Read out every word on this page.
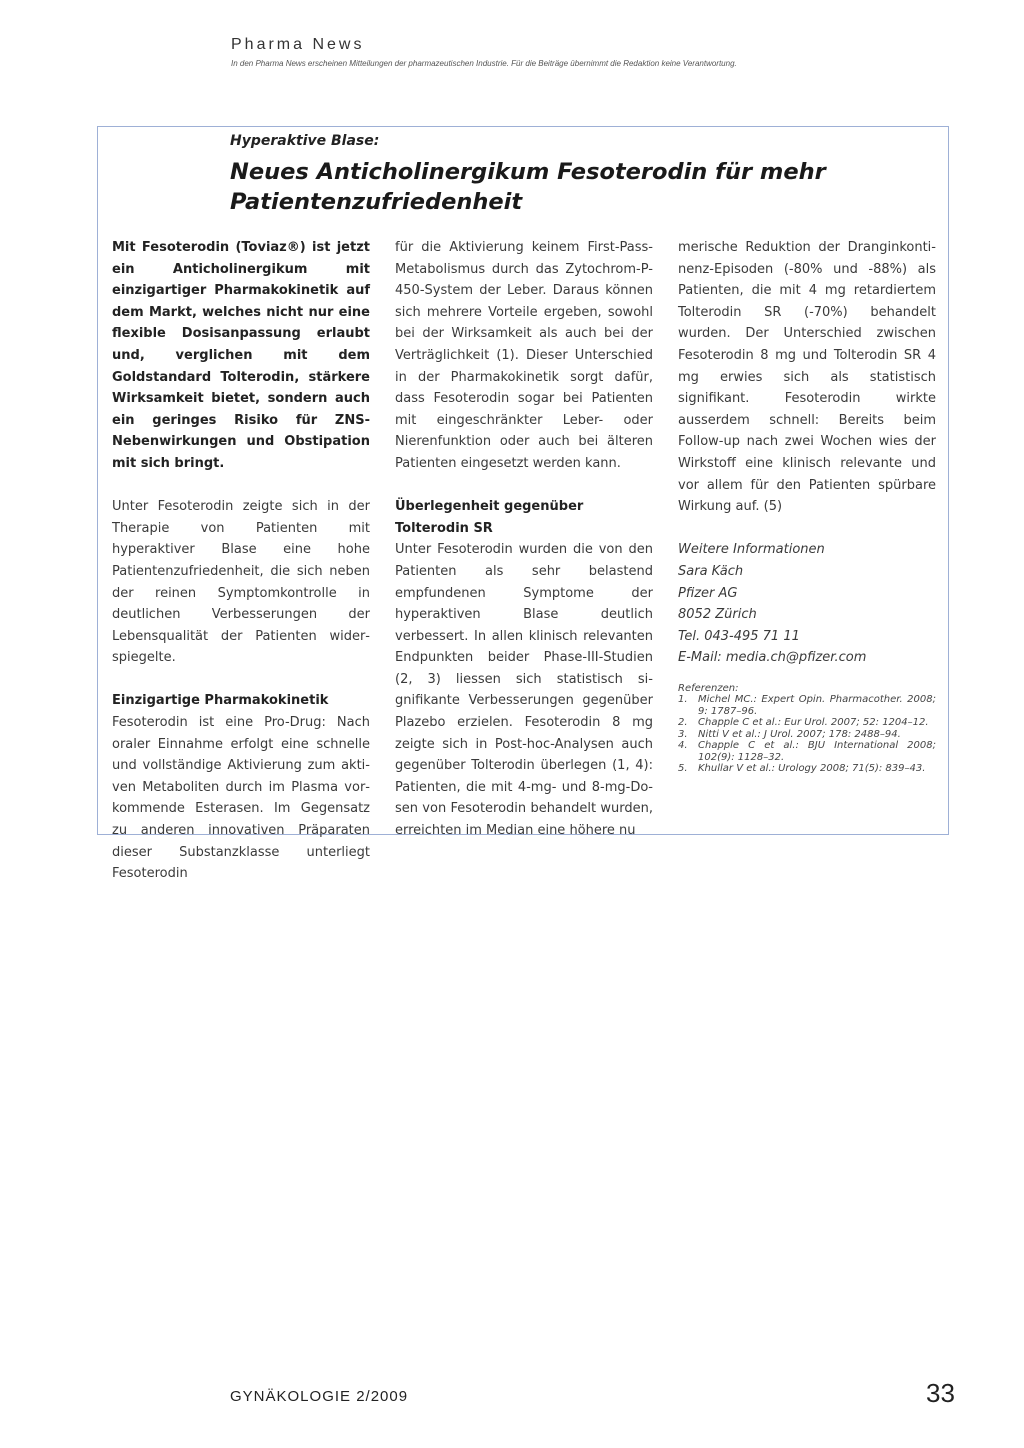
Pharma News
In den Pharma News erscheinen Mitteilungen der pharmazeutischen Industrie. Für die Beiträge übernimmt die Redaktion keine Verantwortung.
Hyperaktive Blase:
Neues Anticholinergikum Fesoterodin für mehr Patientenzufriedenheit

Mit Fesoterodin (Toviaz®) ist jetzt ein Anticholinergikum mit einzigartiger Pharmakokinetik auf dem Markt, welches nicht nur eine flexible Dosisanpassung erlaubt und, verglichen mit dem Goldstandard Tolterodin, stärkere Wirksamkeit bietet, sondern auch ein geringes Risiko für ZNS-Nebenwirkungen und Obstipation mit sich bringt.

Unter Fesoterodin zeigte sich in der Therapie von Patienten mit hyperaktiver Blase eine hohe Patientenzufriedenheit, die sich neben der reinen Symptomkontrolle in deutlichen Verbesserungen der Lebensqualität der Patienten widerspiegelte.

Einzigartige Pharmakokinetik

Fesoterodin ist eine Pro-Drug: Nach oraler Einnahme erfolgt eine schnelle und vollständige Aktivierung zum aktiven Metaboliten durch im Plasma vorkommende Esterasen. Im Gegensatz zu anderen innovativen Präparaten dieser Substanzklasse unterliegt Fesoterodin

für die Aktivierung keinem First-Pass-Metabolismus durch das Zytochrom-P-450-System der Leber. Daraus können sich mehrere Vorteile ergeben, sowohl bei der Wirksamkeit als auch bei der Verträglichkeit (1). Dieser Unterschied in der Pharmakokinetik sorgt dafür, dass Fesoterodin sogar bei Patienten mit eingeschränkter Leber- oder Nierenfunktion oder auch bei älteren Patienten eingesetzt werden kann.

Überlegenheit gegenüber Tolterodin SR

Unter Fesoterodin wurden die von den Patienten als sehr belastend empfundenen Symptome der hyperaktiven Blase deutlich verbessert. In allen klinisch relevanten Endpunkten beider Phase-III-Studien (2, 3) liessen sich statistisch signifikante Verbesserungen gegenüber Plazebo erzielen. Fesoterodin 8 mg zeigte sich in Post-hoc-Analysen auch gegenüber Tolterodin überlegen (1, 4): Patienten, die mit 4-mg- und 8-mg-Dosen von Fesoterodin behandelt wurden, erreichten im Median eine höhere nu

merische Reduktion der Dranginkontinenz-Episoden (-80% und -88%) als Patienten, die mit 4 mg retardiertem Tolterodin SR (-70%) behandelt wurden. Der Unterschied zwischen Fesoterodin 8 mg und Tolterodin SR 4 mg erwies sich als statistisch signifikant. Fesoterodin wirkte ausserdem schnell: Bereits beim Follow-up nach zwei Wochen wies der Wirkstoff eine klinisch relevante und vor allem für den Patienten spürbare Wirkung auf. (5)

Weitere Informationen
Sara Käch
Pfizer AG
8052 Zürich
Tel. 043-495 71 11
E-Mail: media.ch@pfizer.com
Referenzen:
1.	Michel MC.: Expert Opin. Pharmacother. 2008; 9: 1787–96.
2.	Chapple C et al.: Eur Urol. 2007; 52: 1204–12.
3.	Nitti V et al.: J Urol. 2007; 178: 2488–94.
4.	Chapple C et al.: BJU International 2008; 102(9): 1128–32.
5.	Khullar V et al.: Urology 2008; 71(5): 839–43.
GYNÄKOLOGIE 2/2009	33
